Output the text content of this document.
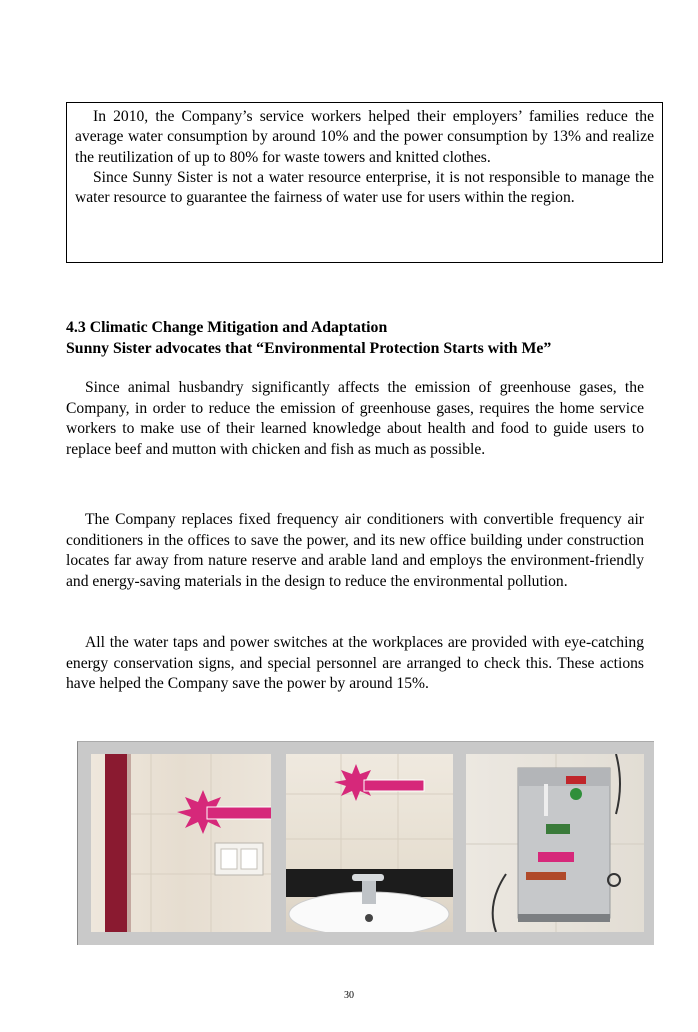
In 2010, the Company’s service workers helped their employers’ families reduce the average water consumption by around 10% and the power consumption by 13% and realize the reutilization of up to 80% for waste towers and knitted clothes.

Since Sunny Sister is not a water resource enterprise, it is not responsible to manage the water resource to guarantee the fairness of water use for users within the region.

4.3 Climatic Change Mitigation and Adaptation
Sunny Sister advocates that “Environmental Protection Starts with Me”

Since animal husbandry significantly affects the emission of greenhouse gases, the Company, in order to reduce the emission of greenhouse gases, requires the home service workers to make use of their learned knowledge about health and food to guide users to replace beef and mutton with chicken and fish as much as possible.

The Company replaces fixed frequency air conditioners with convertible frequency air conditioners in the offices to save the power, and its new office building under construction locates far away from nature reserve and arable land and employs the environment-friendly and energy-saving materials in the design to reduce the environmental pollution.

All the water taps and power switches at the workplaces are provided with eye-catching energy conservation signs, and special personnel are arranged to check this. These actions have helped the Company save the power by around 15%.

30
